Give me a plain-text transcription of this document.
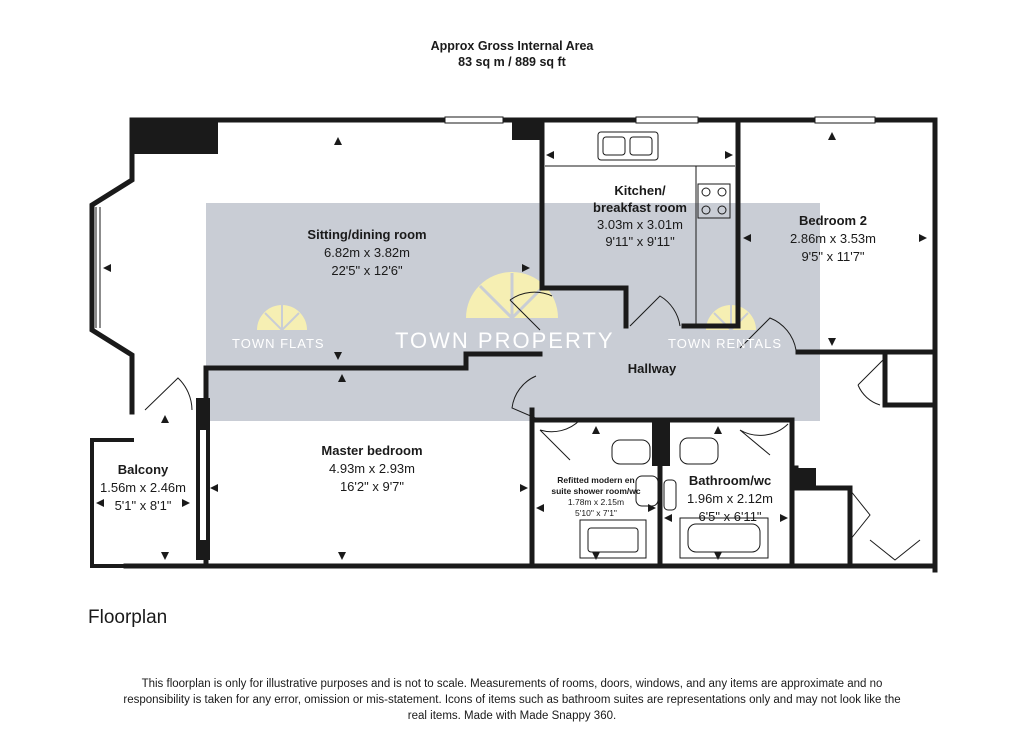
Approx Gross Internal Area
83 sq m / 889 sq ft
TOWN PROPERTY
TOWN FLATS	TOWN RENTALS
Sitting/dining room
6.82m x 3.82m
22'5" x 12'6"
Kitchen/
breakfast room
3.03m x 3.01m
9'11" x 9'11"
Bedroom 2
2.86m x 3.53m
9'5" x 11'7"
Hallway
Master bedroom
4.93m x 2.93m
16'2" x 9'7"
Balcony
1.56m x 2.46m
5'1" x 8'1"
Refitted modern en
suite shower room/wc
1.78m x 2.15m
5'10" x 7'1"
Bathroom/wc
1.96m x 2.12m
6'5" x 6'11"
Floorplan
This floorplan is only for illustrative purposes and is not to scale. Measurements of rooms, doors, windows, and any items are approximate and no responsibility is taken for any error, omission or mis-statement. Icons of items such as bathroom suites are representations only and may not look like the real items. Made with Made Snappy 360.
